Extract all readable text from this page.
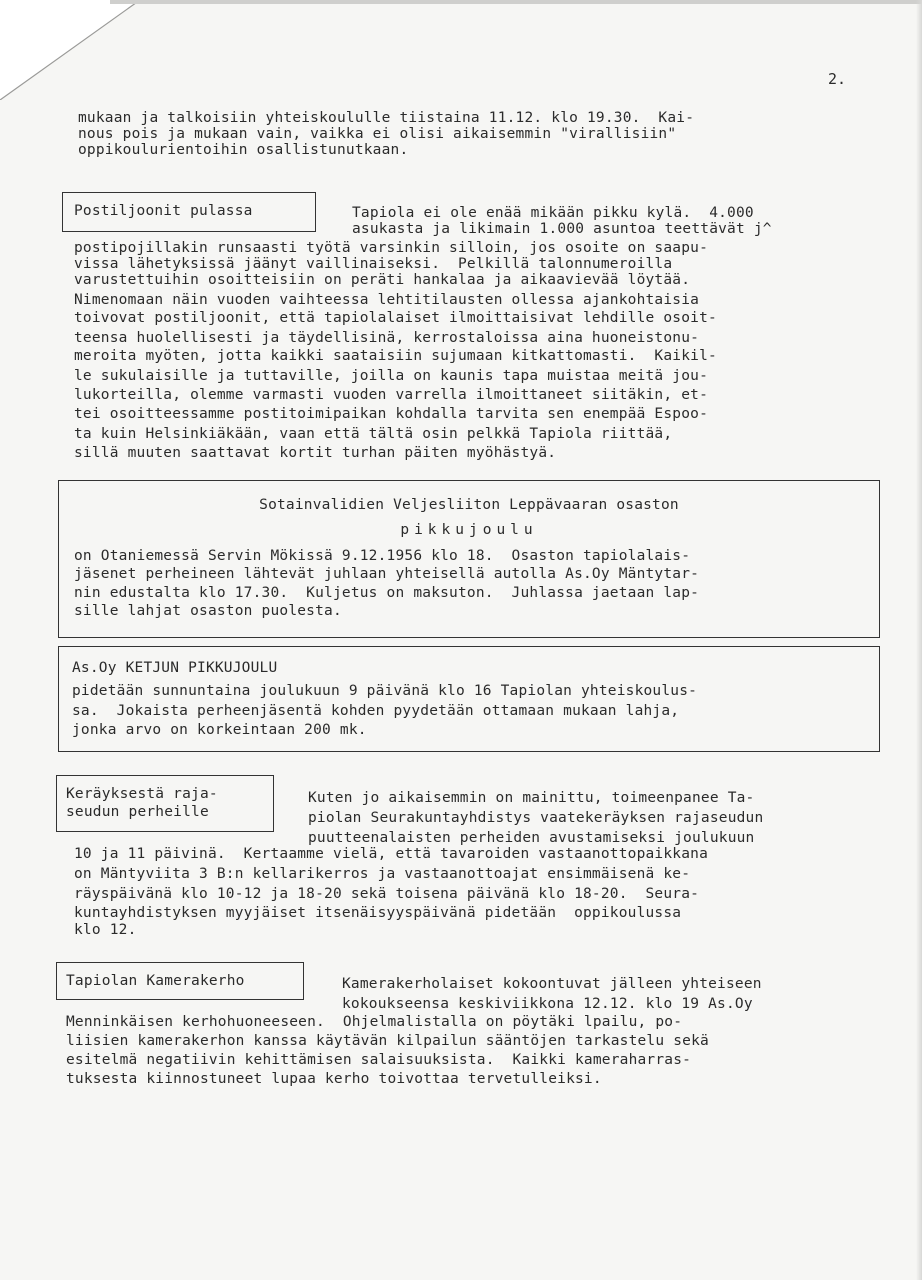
2.
mukaan ja talkoisiin yhteiskoululle tiistaina 11.12. klo 19.30.  Kai-
nous pois ja mukaan vain, vaikka ei olisi aikaisemmin "virallisiin"
oppikoulurientoihin osallistunutkaan.
Postiljoonit pulassa	Tapiola ei ole enää mikään pikku kylä.  4.000
asukasta ja likimain 1.000 asuntoa teettävät j^
postipojillakin runsaasti työtä varsinkin silloin, jos osoite on saapu-
vissa lähetyksissä jäänyt vaillinaiseksi.  Pelkillä talonnumeroilla
varustettuihin osoitteisiin on peräti hankalaa ja aikaavievää löytää.
Nimenomaan näin vuoden vaihteessa lehtitilausten ollessa ajankohtaisia
toivovat postiljoonit, että tapiolalaiset ilmoittaisivat lehdille osoit-
teensa huolellisesti ja täydellisinä, kerrostaloissa aina huoneistonu-
meroita myöten, jotta kaikki saataisiin sujumaan kitkattomasti.  Kaikil-
le sukulaisille ja tuttaville, joilla on kaunis tapa muistaa meitä jou-
lukorteilla, olemme varmasti vuoden varrella ilmoittaneet siitäkin, et-
tei osoitteessamme postitoimipaikan kohdalla tarvita sen enempää Espoo-
ta kuin Helsinkiäkään, vaan että tältä osin pelkkä Tapiola riittää,
sillä muuten saattavat kortit turhan päiten myöhästyä.
Sotainvalidien Veljesliiton Leppävaaran osaston
pikkujoulu
on Otaniemessä Servin Mökissä 9.12.1956 klo 18.  Osaston tapiolalais-
jäsenet perheineen lähtevät juhlaan yhteisellä autolla As.Oy Mäntytar-
nin edustalta klo 17.30.  Kuljetus on maksuton.  Juhlassa jaetaan lap-
sille lahjat osaston puolesta.
As.Oy KETJUN PIKKUJOULU
pidetään sunnuntaina joulukuun 9 päivänä klo 16 Tapiolan yhteiskoulus-
sa.  Jokaista perheenjäsentä kohden pyydetään ottamaan mukaan lahja,
jonka arvo on korkeintaan 200 mk.
Keräyksestä raja-
seudun perheille
Kuten jo aikaisemmin on mainittu, toimeenpanee Ta-
piolan Seurakuntayhdistys vaatekeräyksen rajaseudun
puutteenalaisten perheiden avustamiseksi joulukuun
10 ja 11 päivinä.  Kertaamme vielä, että tavaroiden vastaanottopaikkana
on Mäntyviita 3 B:n kellarikerros ja vastaanottoajat ensimmäisenä ke-
räyspäivänä klo 10-12 ja 18-20 sekä toisena päivänä klo 18-20.  Seura-
kuntayhdistyksen myyjäiset itsenäisyyspäivänä pidetään  oppikoulussa
klo 12.
Tapiolan Kamerakerho	Kamerakerholaiset kokoontuvat jälleen yhteiseen
kokoukseensa keskiviikkona 12.12. klo 19 As.Oy
Menninkäisen kerhohuoneeseen.  Ohjelmalistalla on pöytäki lpailu, po-
liisien kamerakerhon kanssa käytävän kilpailun sääntöjen tarkastelu sekä
esitelmä negatiivin kehittämisen salaisuuksista.  Kaikki kameraharras-
tuksesta kiinnostuneet lupaa kerho toivottaa tervetulleiksi.
